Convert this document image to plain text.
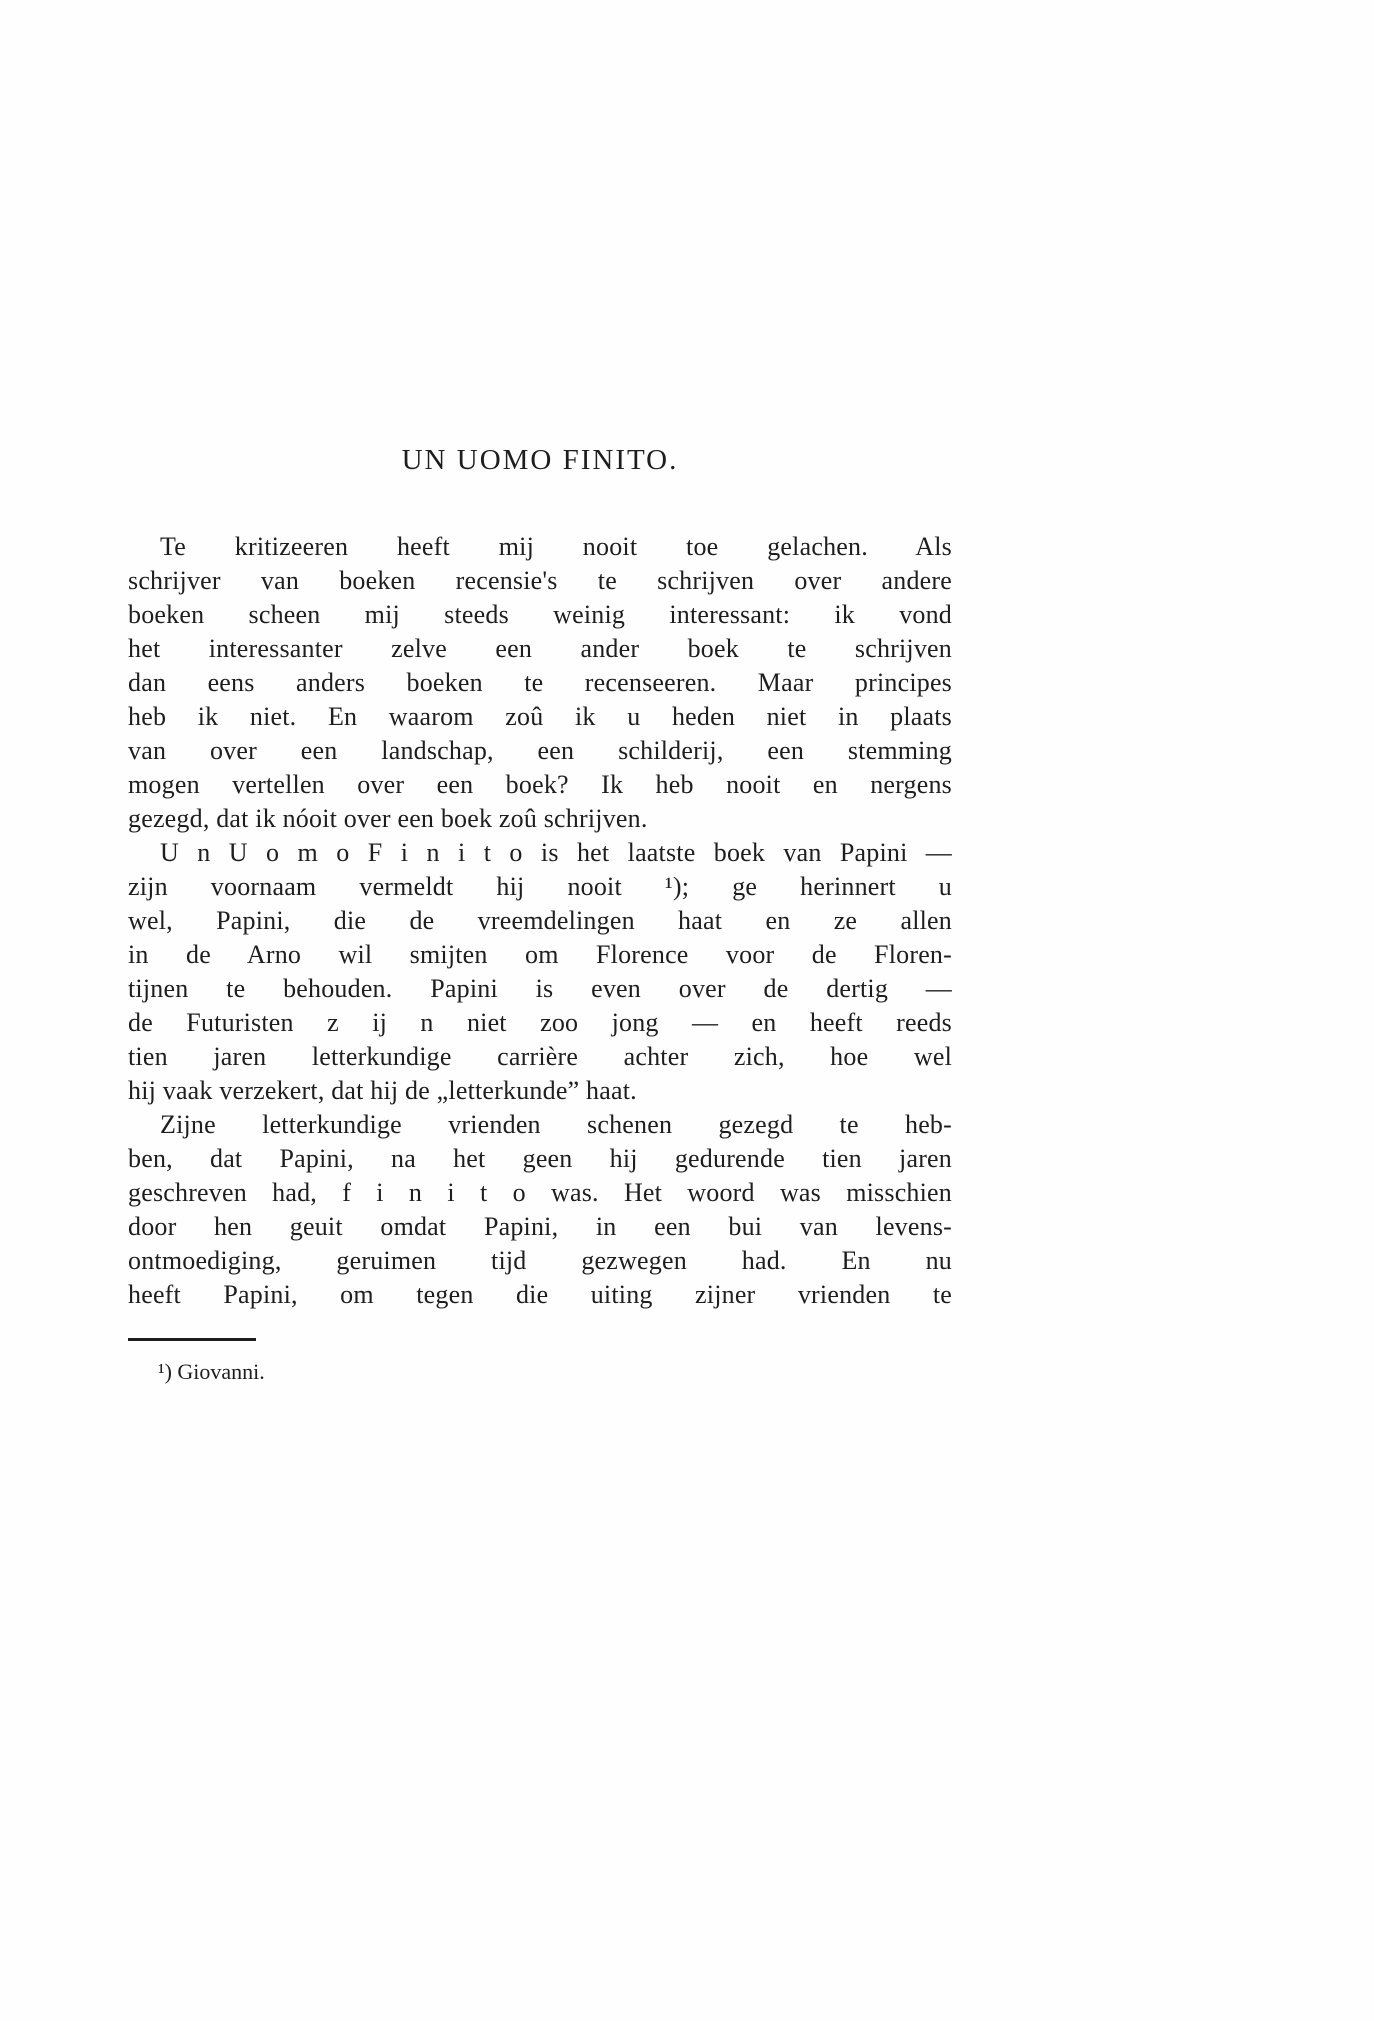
UN UOMO FINITO.
Te kritizeeren heeft mij nooit toe gelachen. Als
schrijver van boeken recensie's te schrijven over andere
boeken scheen mij steeds weinig interessant: ik vond
het interessanter zelve een ander boek te schrijven
dan eens anders boeken te recenseeren. Maar principes
heb ik niet. En waarom zoû ik u heden niet in plaats
van over een landschap, een schilderij, een stemming
mogen vertellen over een boek? Ik heb nooit en nergens
gezegd, dat ik nóoit over een boek zoû schrijven.
U n U o m o F i n i t o is het laatste boek van Papini —
zijn voornaam vermeldt hij nooit ¹); ge herinnert u
wel, Papini, die de vreemdelingen haat en ze allen
in de Arno wil smijten om Florence voor de Floren-
tijnen te behouden. Papini is even over de dertig —
de Futuristen z ij n niet zoo jong — en heeft reeds
tien jaren letterkundige carrière achter zich, hoe wel
hij vaak verzekert, dat hij de „letterkunde” haat.
Zijne letterkundige vrienden schenen gezegd te heb-
ben, dat Papini, na het geen hij gedurende tien jaren
geschreven had, f i n i t o was. Het woord was misschien
door hen geuit omdat Papini, in een bui van levens-
ontmoediging, geruimen tijd gezwegen had. En nu
heeft Papini, om tegen die uiting zijner vrienden te
¹) Giovanni.
